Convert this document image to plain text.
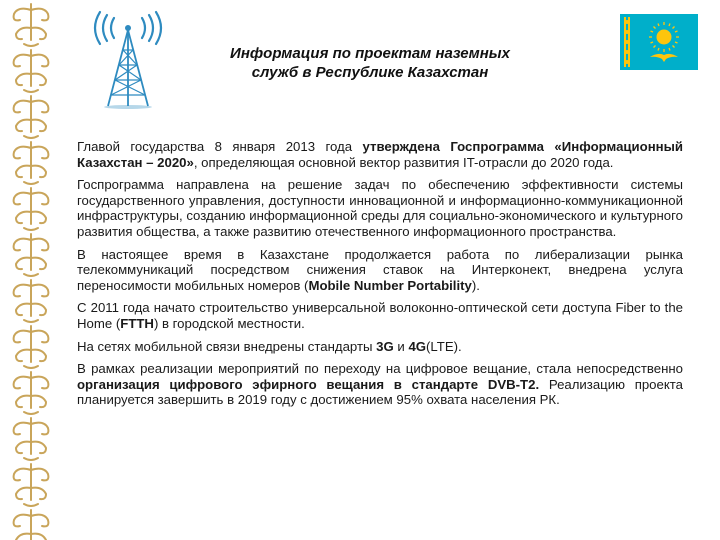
Информация по проектам наземных
служб в Республике Казахстан

Главой государства 8 января 2013 года утверждена Госпрограмма «Информационный Казахстан – 2020», определяющая основной вектор развития IT-отрасли до 2020 года.

Госпрограмма направлена на решение задач по обеспечению эффективности системы государственного управления, доступности инновационной и информационно-коммуникационной инфраструктуры, созданию информационной среды для социально-экономического и культурного развития общества, а также развитию отечественного информационного пространства.

В настоящее время в Казахстане продолжается работа по либерализации рынка телекоммуникаций посредством снижения ставок на Интерконект, внедрена услуга переносимости мобильных номеров (Mobile Number Portability).

С 2011 года начато строительство универсальной волоконно-оптической сети доступа Fiber to the Home (FTTH) в городской местности.

На сетях мобильной связи внедрены стандарты 3G и 4G(LTE).

В рамках реализации мероприятий по переходу на цифровое вещание, стала непосредственно организация цифрового эфирного вещания в стандарте DVB-T2. Реализацию проекта планируется завершить в 2019 году с достижением 95% охвата населения РК.
